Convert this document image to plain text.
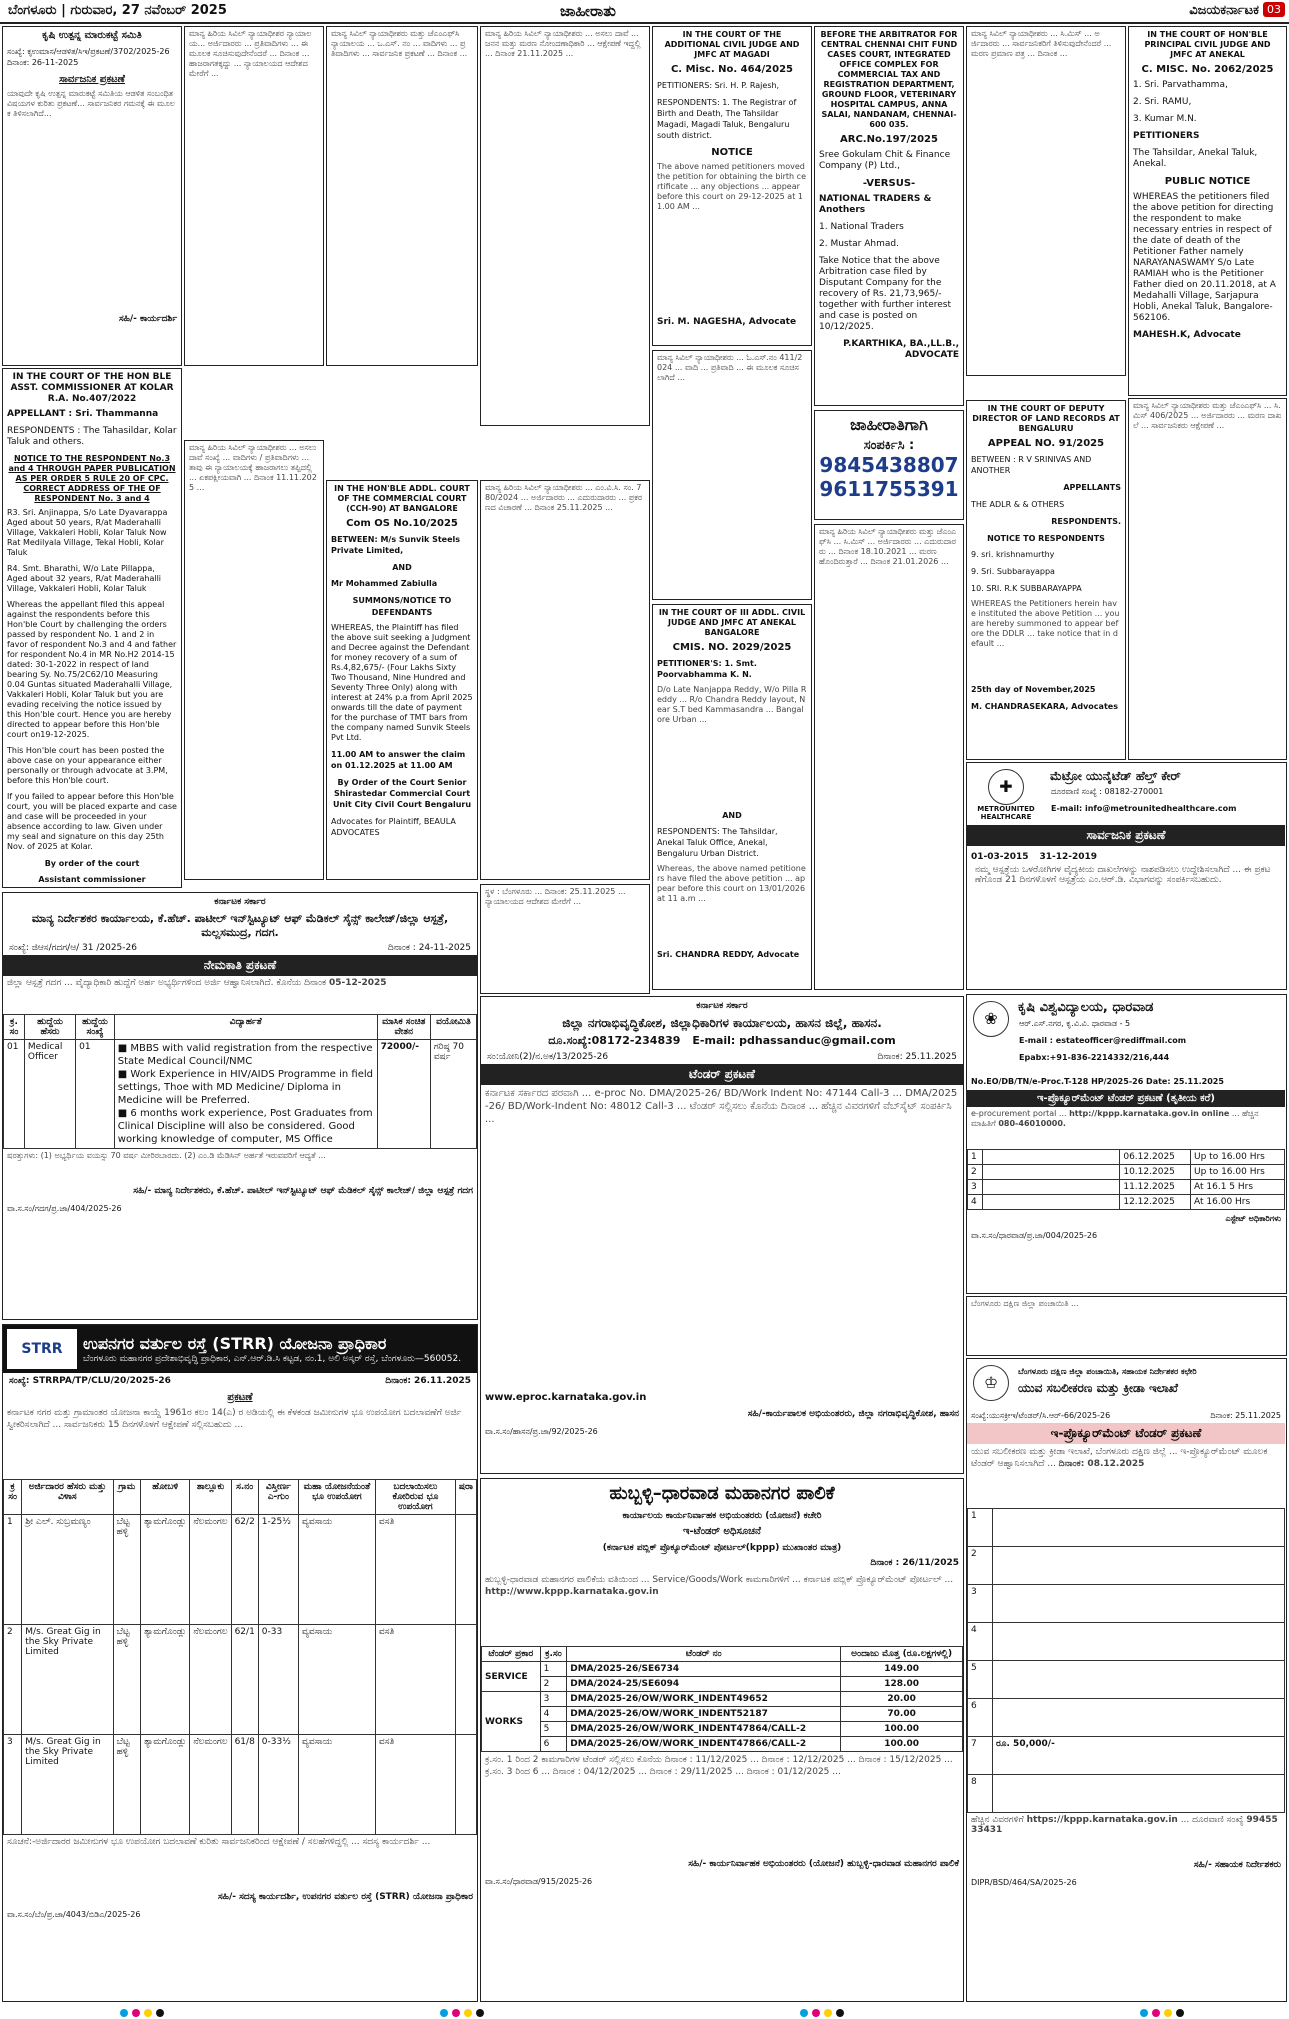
ಬೆಂಗಳೂರು | ಗುರುವಾರ, 27 ನವೆಂಬರ್ 2025	ಜಾಹೀರಾತು	ವಿಜಯಕರ್ನಾಟಕ 03
ಕೃಷಿ ಉತ್ಪನ್ನ ಮಾರುಕಟ್ಟೆ ಸಮಿತಿ
ಸಂಖ್ಯೆ: ಕೃಉಮಾಸ/ಆಡಳಿತ/ಸಿಇ/ಪ್ರಕಟಣೆ/3702/2025-26 ದಿನಾಂಕ: 26-11-2025
ಸಾರ್ವಜನಿಕ ಪ್ರಕಟಣೆ
ಯಾವುದೇ ಕೃಷಿ ಉತ್ಪನ್ನ ಮಾರುಕಟ್ಟೆ ಸಮಿತಿಯ ಆಡಳಿತ ಸಂಬಂಧಿತ ವಿಷಯಗಳ ಕುರಿತು ಪ್ರಕಟಣೆ... ಸಾರ್ವಜನಿಕರ ಗಮನಕ್ಕೆ ಈ ಮೂಲಕ ತಿಳಿಸಲಾಗಿದೆ...
ಸಹಿ/- ಕಾರ್ಯದರ್ಶಿ
ಮಾನ್ಯ ಹಿರಿಯ ಸಿವಿಲ್ ನ್ಯಾಯಾಧೀಶರ ನ್ಯಾಯಾಲಯ... ಅರ್ಜಿದಾರರು ... ಪ್ರತಿವಾದಿಗಳು ... ಈ ಮೂಲಕ ಸೂಚಿಸುವುದೇನೆಂದರೆ ... ದಿನಾಂಕ ... ಹಾಜರಾಗತಕ್ಕದ್ದು ... ನ್ಯಾಯಾಲಯದ ಆದೇಶದ ಮೇರೆಗೆ ...
ಮಾನ್ಯ ಸಿವಿಲ್ ನ್ಯಾಯಾಧೀಶರು ಮತ್ತು ಜೆಎಂಎಫ್‌ಸಿ ನ್ಯಾಯಾಲಯ ... ಒ.ಎಸ್. ನಂ ... ವಾದಿಗಳು ... ಪ್ರತಿವಾದಿಗಳು ... ಸಾರ್ವಜನಿಕ ಪ್ರಕಟಣೆ ... ದಿನಾಂಕ ...
ಮಾನ್ಯ ಹಿರಿಯ ಸಿವಿಲ್ ನ್ಯಾಯಾಧೀಶರು ... ಅಸಲು ದಾವೆ ... ಜನನ ಮತ್ತು ಮರಣ ನೋಂದಣಾಧಿಕಾರಿ ... ಆಕ್ಷೇಪಣೆ ಇದ್ದಲ್ಲಿ ... ದಿನಾಂಕ 21.11.2025 ...
IN THE COURT OF THE ADDITIONAL CIVIL JUDGE AND JMFC AT MAGADI
C. Misc. No. 464/2025
PETITIONERS: Sri. H. P. Rajesh,
RESPONDENTS: 1. The Registrar of Birth and Death, The Tahsildar Magadi, Magadi Taluk, Bengaluru south district.
NOTICE
The above named petitioners moved the petition for obtaining the birth certificate ... any objections ... appear before this court on 29-12-2025 at 11.00 AM ...
Sri. M. NAGESHA, Advocate
BEFORE THE ARBITRATOR FOR CENTRAL CHENNAI CHIT FUND CASES COURT, INTEGRATED OFFICE COMPLEX FOR COMMERCIAL TAX AND REGISTRATION DEPARTMENT, GROUND FLOOR, VETERINARY HOSPITAL CAMPUS, ANNA SALAI, NANDANAM, CHENNAI-600 035.
ARC.No.197/2025
Sree Gokulam Chit & Finance Company (P) Ltd.,
-VERSUS-
NATIONAL TRADERS & Anothers
1. National Traders
2. Mustar Ahmad.
Take Notice that the above Arbitration case filed by Disputant Company for the recovery of Rs. 21,73,965/- together with further interest and case is posted on 10/12/2025.
P.KARTHIKA, BA.,LL.B., ADVOCATE
ಮಾನ್ಯ ಸಿವಿಲ್ ನ್ಯಾಯಾಧೀಶರು ... ಸಿ.ಮಿಸ್ ... ಅರ್ಜಿದಾರರು ... ಸಾರ್ವಜನಿಕರಿಗೆ ತಿಳಿಸುವುದೇನೆಂದರೆ ... ಮರಣ ಪ್ರಮಾಣ ಪತ್ರ ... ದಿನಾಂಕ ...
IN THE COURT OF HON'BLE PRINCIPAL CIVIL JUDGE AND JMFC AT ANEKAL
C. MISC. No. 2062/2025
1. Sri. Parvathamma,
2. Sri. RAMU,
3. Kumar M.N.
PETITIONERS
The Tahsildar, Anekal Taluk, Anekal.
PUBLIC NOTICE
WHEREAS the petitioners filed the above petition for directing the respondent to make necessary entries in respect of the date of death of the Petitioner Father namely NARAYANASWAMY S/o Late RAMIAH who is the Petitioner Father died on 20.11.2018, at A Medahalli Village, Sarjapura Hobli, Anekal Taluk, Bangalore-562106.
MAHESH.K, Advocate
IN THE COURT OF THE HON BLE ASST. COMMISSIONER AT KOLAR R.A. No.407/2022
APPELLANT : Sri. Thammanna
RESPONDENTS : The Tahasildar, Kolar Taluk and others.
NOTICE TO THE RESPONDENT No.3 and 4 THROUGH PAPER PUBLICATION AS PER ORDER 5 RULE 20 OF CPC. CORRECT ADDRESS OF THE OF RESPONDENT No. 3 and 4
R3. Sri. Anjinappa, S/o Late Dyavarappa Aged about 50 years, R/at Maderahalli Village, Vakkaleri Hobli, Kolar Taluk Now Rat Medilyala Village, Tekal Hobli, Kolar Taluk
R4. Smt. Bharathi, W/o Late Pillappa, Aged about 32 years, R/at Maderahalli Village, Vakkaleri Hobli, Kolar Taluk
Whereas the appellant filed this appeal against the respondents before this Hon'ble Court by challenging the orders passed by respondent No. 1 and 2 in favor of respondent No.3 and 4 and father for respondent No.4 in MR No.H2 2014-15 dated: 30-1-2022 in respect of land bearing Sy. No.75/2C62/10 Measuring 0.04 Guntas situated Maderahalli Village, Vakkaleri Hobli, Kolar Taluk but you are evading receiving the notice issued by this Hon'ble court. Hence you are hereby directed to appear before this Hon'ble court on19-12-2025.
This Hon'ble court has been posted the above case on your appearance either personally or through advocate at 3.PM, before this Hon'ble court.
If you failed to appear before this Hon'ble court, you will be placed exparte and case and case will be proceeded in your absence according to law. Given under my seal and signature on this day 25th Nov. of 2025 at Kolar.
By order of the court
Assistant commissioner
ಮಾನ್ಯ ಹಿರಿಯ ಸಿವಿಲ್ ನ್ಯಾಯಾಧೀಶರು ... ಅಸಲು ದಾವೆ ಸಂಖ್ಯೆ ... ವಾದಿಗಳು / ಪ್ರತಿವಾದಿಗಳು ... ತಾವು ಈ ನ್ಯಾಯಾಲಯಕ್ಕೆ ಹಾಜರಾಗಲು ತಪ್ಪಿದಲ್ಲಿ ... ಏಕಪಕ್ಷೀಯವಾಗಿ ... ದಿನಾಂಕ 11.11.2025 ...	IN THE HON'BLE ADDL. COURT OF THE COMMERCIAL COURT (CCH-90) AT BANGALORE
Com OS No.10/2025
BETWEEN: M/s Sunvik Steels Private Limited,
AND
Mr Mohammed Zabiulla
SUMMONS/NOTICE TO DEFENDANTS
WHEREAS, the Plaintiff has filed the above suit seeking a Judgment and Decree against the Defendant for money recovery of a sum of Rs.4,82,675/- (Four Lakhs Sixty Two Thousand, Nine Hundred and Seventy Three Only) along with interest at 24% p.a from April 2025 onwards till the date of payment for the purchase of TMT bars from the company named Sunvik Steels Pvt Ltd.
11.00 AM to answer the claim on 01.12.2025 at 11.00 AM
By Order of the Court Senior Shirastedar Commercial Court Unit City Civil Court Bengaluru
Advocates for Plaintiff, BEAULA ADVOCATES
ಮಾನ್ಯ ಹಿರಿಯ ಸಿವಿಲ್ ನ್ಯಾಯಾಧೀಶರು ... ಎಂ.ವಿ.ಸಿ. ಸಂ. 780/2024 ... ಅರ್ಜಿದಾರರು ... ಎದುರುದಾರರು ... ಪ್ರಕರಣದ ವಿಚಾರಣೆ ... ದಿನಾಂಕ 25.11.2025 ...
ಮಾನ್ಯ ಸಿವಿಲ್ ನ್ಯಾಯಾಧೀಶರು ... ಓ.ಎಸ್.ನಂ 411/2024 ... ವಾದಿ ... ಪ್ರತಿವಾದಿ ... ಈ ಮೂಲಕ ಸೂಚಿಸಲಾಗಿದೆ ...
ಜಾಹೀರಾತಿಗಾಗಿ
ಸಂಪರ್ಕಿಸಿ :
9845438807
9611755391
IN THE COURT OF DEPUTY DIRECTOR OF LAND RECORDS AT BENGALURU
APPEAL NO. 91/2025
BETWEEN : R V SRINIVAS AND ANOTHER
APPELLANTS
THE ADLR & & OTHERS
RESPONDENTS.
NOTICE TO RESPONDENTS
9. sri. krishnamurthy
9. Sri. Subbarayappa
10. SRI. R.K SUBBARAYAPPA
WHEREAS the Petitioners herein have instituted the above Petition ... you are hereby summoned to appear before the DDLR ... take notice that in default ...
25th day of November,2025
M. CHANDRASEKARA, Advocates
ಮಾನ್ಯ ಸಿವಿಲ್ ನ್ಯಾಯಾಧೀಶರು ಮತ್ತು ಜೆಎಂಎಫ್‌ಸಿ ... ಸಿ.ಮಿಸ್ 406/2025 ... ಅರ್ಜಿದಾರರು ... ಮರಣ ದಾಖಲೆ ... ಸಾರ್ವಜನಿಕರು ಆಕ್ಷೇಪಣೆ ...
IN THE COURT OF III ADDL. CIVIL JUDGE AND JMFC AT ANEKAL BANGALORE
CMIS. NO. 2029/2025
PETITIONER'S: 1. Smt. Poorvabhamma K. N.
D/o Late Nanjappa Reddy, W/o Pilla Reddy ... R/o Chandra Reddy layout, Near S.T bed Kammasandra ... Bangalore Urban ...
AND
RESPONDENTS: The Tahsildar, Anekal Taluk Office, Anekal, Bengaluru Urban District.
Whereas, the above named petitioners have filed the above petition ... appear before this court on 13/01/2026 at 11 a.m ...
Sri. CHANDRA REDDY, Advocate
ಮಾನ್ಯ ಹಿರಿಯ ಸಿವಿಲ್ ನ್ಯಾಯಾಧೀಶರು ಮತ್ತು ಜೆಎಂಎಫ್‌ಸಿ ... ಸಿ.ಮಿಸ್ ... ಅರ್ಜಿದಾರರು ... ಎದುರುದಾರರು ... ದಿನಾಂಕ 18.10.2021 ... ಮರಣ ಹೊಂದಿರುತ್ತಾರೆ ... ದಿನಾಂಕ 21.01.2026 ...
✚
METROUNITED HEALTHCARE
ಮೆಟ್ರೋ ಯುನೈಟೆಡ್ ಹೆಲ್ತ್ ಕೇರ್
ದೂರವಾಣಿ ಸಂಖ್ಯೆ : 08182-270001
E-mail: info@metrounitedhealthcare.com
ಸಾರ್ವಜನಿಕ ಪ್ರಕಟಣೆ
01-03-2015 31-12-2019
ನಮ್ಮ ಆಸ್ಪತ್ರೆಯ ಒಳರೋಗಿಗಳ ವೈದ್ಯಕೀಯ ದಾಖಲೆಗಳನ್ನು ನಾಶಪಡಿಸಲು ಉದ್ದೇಶಿಸಲಾಗಿದೆ ... ಈ ಪ್ರಕಟಣೆಗೊಂಡ 21 ದಿನಗಳೊಳಗೆ ಆಸ್ಪತ್ರೆಯ ಎಂ.ಆರ್.ಡಿ. ವಿಭಾಗವನ್ನು ಸಂಪರ್ಕಿಸಬಹುದು.
ಕರ್ನಾಟಕ ಸರ್ಕಾರ
ಮಾನ್ಯ ನಿರ್ದೇಶಕರ ಕಾರ್ಯಾಲಯ, ಕೆ.ಹೆಚ್. ಪಾಟೀಲ್ ಇನ್‌ಸ್ಟಿಟ್ಯೂಟ್ ಆಫ್ ಮೆಡಿಕಲ್ ಸೈನ್ಸ್ ಕಾಲೇಜ್/ಜಿಲ್ಲಾ ಆಸ್ಪತ್ರೆ, ಮಲ್ಲಸಮುದ್ರ, ಗದಗ.
ಸಂಖ್ಯೆ: ಜಿಆಸ/ಗದಗ/ಆ/ 31 /2025-26	ದಿನಾಂಕ : 24-11-2025
ನೇಮಕಾತಿ ಪ್ರಕಟಣೆ
ಜಿಲ್ಲಾ ಆಸ್ಪತ್ರೆ ಗದಗ ... ವೈದ್ಯಾಧಿಕಾರಿ ಹುದ್ದೆಗೆ ಅರ್ಹ ಅಭ್ಯರ್ಥಿಗಳಿಂದ ಅರ್ಜಿ ಆಹ್ವಾನಿಸಲಾಗಿದೆ. ಕೊನೆಯ ದಿನಾಂಕ 05-12-2025
ಕ್ರ. ಸಂ	ಹುದ್ದೆಯ ಹೆಸರು	ಹುದ್ದೆಯ ಸಂಖ್ಯೆ	ವಿದ್ಯಾರ್ಹತೆ	ಮಾಸಿಕ ಸಂಚಿತ ವೇತನ	ವಯೋಮಿತಿ
01	Medical Officer	01	■ MBBS with valid registration from the respective State Medical Council/NMC
■ Work Experience in HIV/AIDS Programme in field settings, Thoe with MD Medicine/ Diploma in Medicine will be Preferred.
■ 6 months work experience, Post Graduates from Clinical Discipline will also be considered. Good working knowledge of computer, MS Office	72000/-	ಗರಿಷ್ಠ 70 ವರ್ಷ
ಷರತ್ತುಗಳು: (1) ಅಭ್ಯರ್ಥಿಯ ವಯಸ್ಸು 70 ವರ್ಷ ಮೀರಿರಬಾರದು. (2) ಎಂ.ಡಿ ಮೆಡಿಸಿನ್ ಅರ್ಹತೆ ಇರುವವರಿಗೆ ಆದ್ಯತೆ ...
ಸಹಿ/- ಮಾನ್ಯ ನಿರ್ದೇಶಕರು, ಕೆ.ಹೆಚ್. ಪಾಟೀಲ್ ಇನ್‌ಸ್ಟಿಟ್ಯೂಟ್ ಆಫ್ ಮೆಡಿಕಲ್ ಸೈನ್ಸ್ ಕಾಲೇಜ್/ ಜಿಲ್ಲಾ ಆಸ್ಪತ್ರೆ ಗದಗ
ವಾ.ಸ.ಸಂ/ಗದಗ/ಪ್ರ.ಜಾ/404/2025-26
ಸ್ಥಳ : ಬೆಂಗಳೂರು ... ದಿನಾಂಕ: 25.11.2025 ... ನ್ಯಾಯಾಲಯದ ಆದೇಶದ ಮೇರೆಗೆ ...
ಕರ್ನಾಟಕ ಸರ್ಕಾರ
ಜಿಲ್ಲಾ ನಗರಾಭಿವೃದ್ಧಿಕೋಶ, ಜಿಲ್ಲಾಧಿಕಾರಿಗಳ ಕಾರ್ಯಾಲಯ, ಹಾಸನ ಜಿಲ್ಲೆ, ಹಾಸನ.
ದೂ.ಸಂಖ್ಯೆ:08172-234839 E-mail: pdhassanduc@gmail.com
ಸಂ:ಯೋನಿ(2)/ನ.ಅಕ/13/2025-26	ದಿನಾಂಕ: 25.11.2025
ಟೆಂಡರ್ ಪ್ರಕಟಣೆ
ಕರ್ನಾಟಕ ಸರ್ಕಾರದ ಪರವಾಗಿ ... e-proc No. DMA/2025-26/ BD/Work Indent No: 47144 Call-3 ... DMA/2025-26/ BD/Work-Indent No: 48012 Call-3 ... ಟೆಂಡರ್ ಸಲ್ಲಿಸಲು ಕೊನೆಯ ದಿನಾಂಕ ... ಹೆಚ್ಚಿನ ವಿವರಗಳಿಗೆ ವೆಬ್‌ಸೈಟ್ ಸಂಪರ್ಕಿಸಿ ...
www.eproc.karnataka.gov.in
ಸಹಿ/-ಕಾರ್ಯಪಾಲಕ ಅಭಿಯಂತರರು, ಜಿಲ್ಲಾ ನಗರಾಭಿವೃದ್ಧಿಕೋಶ, ಹಾಸನ
ವಾ.ಸ.ಸಂ/ಹಾಸನ/ಪ್ರ.ಜಾ/92/2025-26
❀
ಕೃಷಿ ವಿಶ್ವವಿದ್ಯಾಲಯ, ಧಾರವಾಡ
ಆರ್.ಎಸ್.ನಗರ, ಕೃ.ವಿ.ವಿ. ಧಾರವಾಡ - 5
E-mail : estateofficer@rediffmail.com
Epabx:+91-836-2214332/216,444
No.EO/DB/TN/e-Proc.T-128 HP/2025-26 Date: 25.11.2025
ಇ-ಪ್ರೊಕ್ಯೂರ್‌ಮೆಂಟ್ ಟೆಂಡರ್ ಪ್ರಕಟಣೆ (ತೃತೀಯ ಕರೆ)
e-procurement portal ... http://kppp.karnataka.gov.in online ... ಹೆಚ್ಚಿನ ಮಾಹಿತಿಗೆ 080-46010000.
1		06.12.2025	Up to 16.00 Hrs
2		10.12.2025	Up to 16.00 Hrs
3		11.12.2025	At 16.1 5 Hrs
4		12.12.2025	At 16.00 Hrs
ಎಸ್ಟೇಟ್ ಅಧಿಕಾರಿಗಳು
ವಾ.ಸ.ಸಂ/ಧಾರವಾಡ/ಪ್ರ.ಜಾ/004/2025-26
STRR	ಉಪನಗರ ವರ್ತುಲ ರಸ್ತೆ (STRR) ಯೋಜನಾ ಪ್ರಾಧಿಕಾರ
ಬೆಂಗಳೂರು ಮಹಾನಗರ ಪ್ರದೇಶಾಭಿವೃದ್ಧಿ ಪ್ರಾಧಿಕಾರ, ಎನ್.ಆರ್.ಡಿ.ಸಿ ಕಟ್ಟಡ, ನಂ.1, ಅಲಿ ಅಸ್ಕರ್ ರಸ್ತೆ, ಬೆಂಗಳೂರು—560052.
ಸಂಖ್ಯೆ: STRRPA/TP/CLU/20/2025-26	ದಿನಾಂಕ: 26.11.2025
ಪ್ರಕಟಣೆ
ಕರ್ನಾಟಕ ನಗರ ಮತ್ತು ಗ್ರಾಮಾಂತರ ಯೋಜನಾ ಕಾಯ್ದೆ 1961ರ ಕಲಂ 14(ಎ) ರ ಅಡಿಯಲ್ಲಿ ಈ ಕೆಳಕಂಡ ಜಮೀನುಗಳ ಭೂ ಉಪಯೋಗ ಬದಲಾವಣೆಗೆ ಅರ್ಜಿ ಸ್ವೀಕರಿಸಲಾಗಿದೆ ... ಸಾರ್ವಜನಿಕರು 15 ದಿನಗಳೊಳಗೆ ಆಕ್ಷೇಪಣೆ ಸಲ್ಲಿಸಬಹುದು ...
ಕ್ರ ಸಂ	ಅರ್ಜಿದಾರರ ಹೆಸರು ಮತ್ತು ವಿಳಾಸ	ಗ್ರಾಮ	ಹೋಬಳಿ	ತಾಲ್ಲೂಕು	ಸ.ನಂ	ವಿಸ್ತೀರ್ಣ ಎ-ಗುಂ	ಮಹಾ ಯೋಜನೆಯಂತೆ ಭೂ ಉಪಯೋಗ	ಬದಲಾಯಿಸಲು ಕೋರಿರುವ ಭೂ ಉಪಯೋಗ	ಷರಾ
1	ಶ್ರೀ ಎಲ್. ಸುಬ್ರಮಣ್ಯಂ	ಬೆಟ್ಟ ಹಳ್ಳಿ	ತ್ಯಾಮಗೊಂಡ್ಲು	ನೆಲಮಂಗಲ	62/2	1-25½	ವ್ಯವಸಾಯ	ವಸತಿ	
2	M/s. Great Gig in the Sky Private Limited	ಬೆಟ್ಟ ಹಳ್ಳಿ	ತ್ಯಾಮಗೊಂಡ್ಲು	ನೆಲಮಂಗಲ	62/1	0-33	ವ್ಯವಸಾಯ	ವಸತಿ	
3	M/s. Great Gig in the Sky Private Limited	ಬೆಟ್ಟ ಹಳ್ಳಿ	ತ್ಯಾಮಗೊಂಡ್ಲು	ನೆಲಮಂಗಲ	61/8	0-33½	ವ್ಯವಸಾಯ	ವಸತಿ	
ಸೂಚನೆ:-ಅರ್ಜಿದಾರರ ಜಮೀನುಗಳ ಭೂ ಉಪಯೋಗ ಬದಲಾವಣೆ ಕುರಿತು ಸಾರ್ವಜನಿಕರಿಂದ ಆಕ್ಷೇಪಣೆ / ಸಲಹೆಗಳಿದ್ದಲ್ಲಿ ... ಸದಸ್ಯ ಕಾರ್ಯದರ್ಶಿ ...
ಸಹಿ/- ಸದಸ್ಯ ಕಾರ್ಯದರ್ಶಿ, ಉಪನಗರ ವರ್ತುಲ ರಸ್ತೆ (STRR) ಯೋಜನಾ ಪ್ರಾಧಿಕಾರ
ವಾ.ಸ.ಸಂ/ಬೆಂ/ಪ್ರ.ಜಾ/4043/ಬಿಡಿಎ/2025-26
ಹುಬ್ಬಳ್ಳಿ–ಧಾರವಾಡ ಮಹಾನಗರ ಪಾಲಿಕೆ
ಕಾರ್ಯಾಲಯ ಕಾರ್ಯನಿರ್ವಾಹಕ ಅಭಿಯಂತರರು (ಯೋಜನೆ) ಕಚೇರಿ
ಇ-ಟೆಂಡರ್ ಅಧಿಸೂಚನೆ
(ಕರ್ನಾಟಕ ಪಬ್ಲಿಕ್ ಪ್ರೊಕ್ಯೂರ್‌ಮೆಂಟ್ ಪೋರ್ಟಲ್(kppp) ಮುಖಾಂತರ ಮಾತ್ರ)
ದಿನಾಂಕ : 26/11/2025
ಹುಬ್ಬಳ್ಳಿ-ಧಾರವಾಡ ಮಹಾನಗರ ಪಾಲಿಕೆಯ ವತಿಯಿಂದ ... Service/Goods/Work ಕಾಮಗಾರಿಗಳಿಗೆ ... ಕರ್ನಾಟಕ ಪಬ್ಲಿಕ್ ಪ್ರೊಕ್ಯೂರ್‌ಮೆಂಟ್ ಪೋರ್ಟಲ್ ... http://www.kppp.karnataka.gov.in
ಟೆಂಡರ್ ಪ್ರಕಾರ	ಕ್ರ.ಸಂ	ಟೆಂಡರ್ ನಂ	ಅಂದಾಜು ಮೊತ್ತ (ರೂ.ಲಕ್ಷಗಳಲ್ಲಿ)
SERVICE	1	DMA/2025-26/SE6734	149.00
	2	DMA/2024-25/SE6094	128.00
WORKS	3	DMA/2025-26/OW/WORK_INDENT49652	20.00
	4	DMA/2025-26/OW/WORK_INDENT52187	70.00
	5	DMA/2025-26/OW/WORK_INDENT47864/CALL-2	100.00
	6	DMA/2025-26/OW/WORK_INDENT47866/CALL-2	100.00
ಕ್ರ.ಸಂ. 1 ರಿಂದ 2 ಕಾಮಗಾರಿಗಳ ಟೆಂಡರ್ ಸಲ್ಲಿಸಲು ಕೊನೆಯ ದಿನಾಂಕ : 11/12/2025 ... ದಿನಾಂಕ : 12/12/2025 ... ದಿನಾಂಕ : 15/12/2025 ... ಕ್ರ.ಸಂ. 3 ರಿಂದ 6 ... ದಿನಾಂಕ : 04/12/2025 ... ದಿನಾಂಕ : 29/11/2025 ... ದಿನಾಂಕ : 01/12/2025 ...
ಸಹಿ/- ಕಾರ್ಯನಿರ್ವಾಹಕ ಅಭಿಯಂತರರು (ಯೋಜನೆ) ಹುಬ್ಬಳ್ಳಿ-ಧಾರವಾಡ ಮಹಾನಗರ ಪಾಲಿಕೆ
ವಾ.ಸ.ಸಂ/ಧಾರವಾಡ/915/2025-26
ಬೆಂಗಳೂರು ದಕ್ಷಿಣ ಜಿಲ್ಲಾ ಪಂಚಾಯಿತಿ ...
♔
ಬೆಂಗಳೂರು ದಕ್ಷಿಣ ಜಿಲ್ಲಾ ಪಂಚಾಯಿತಿ, ಸಹಾಯಕ ನಿರ್ದೇಶಕರ ಕಛೇರಿ
ಯುವ ಸಬಲೀಕರಣ ಮತ್ತು ಕ್ರೀಡಾ ಇಲಾಖೆ
ಸಂಖ್ಯೆ:ಯುಸಕ್ರೀಇ/ಟೆಂಡರ್/ಸಿ.ಆರ್-66/2025-26	ದಿನಾಂಕ: 25.11.2025
ಇ-ಪ್ರೊಕ್ಯೂರ್‌ಮೆಂಟ್ ಟೆಂಡರ್ ಪ್ರಕಟಣೆ
ಯುವ ಸಬಲೀಕರಣ ಮತ್ತು ಕ್ರೀಡಾ ಇಲಾಖೆ, ಬೆಂಗಳೂರು ದಕ್ಷಿಣ ಜಿಲ್ಲೆ ... ಇ-ಪ್ರೊಕ್ಯೂರ್‌ಮೆಂಟ್ ಮೂಲಕ ಟೆಂಡರ್ ಆಹ್ವಾನಿಸಲಾಗಿದೆ ... ದಿನಾಂಕ: 08.12.2025
1	
2	
3	
4	
5	
6	
7	ರೂ. 50,000/-
8	
ಹೆಚ್ಚಿನ ವಿವರಗಳಿಗೆ https://kppp.karnataka.gov.in ... ದೂರವಾಣಿ ಸಂಖ್ಯೆ 9945533431
ಸಹಿ/- ಸಹಾಯಕ ನಿರ್ದೇಶಕರು
DIPR/BSD/464/SA/2025-26
